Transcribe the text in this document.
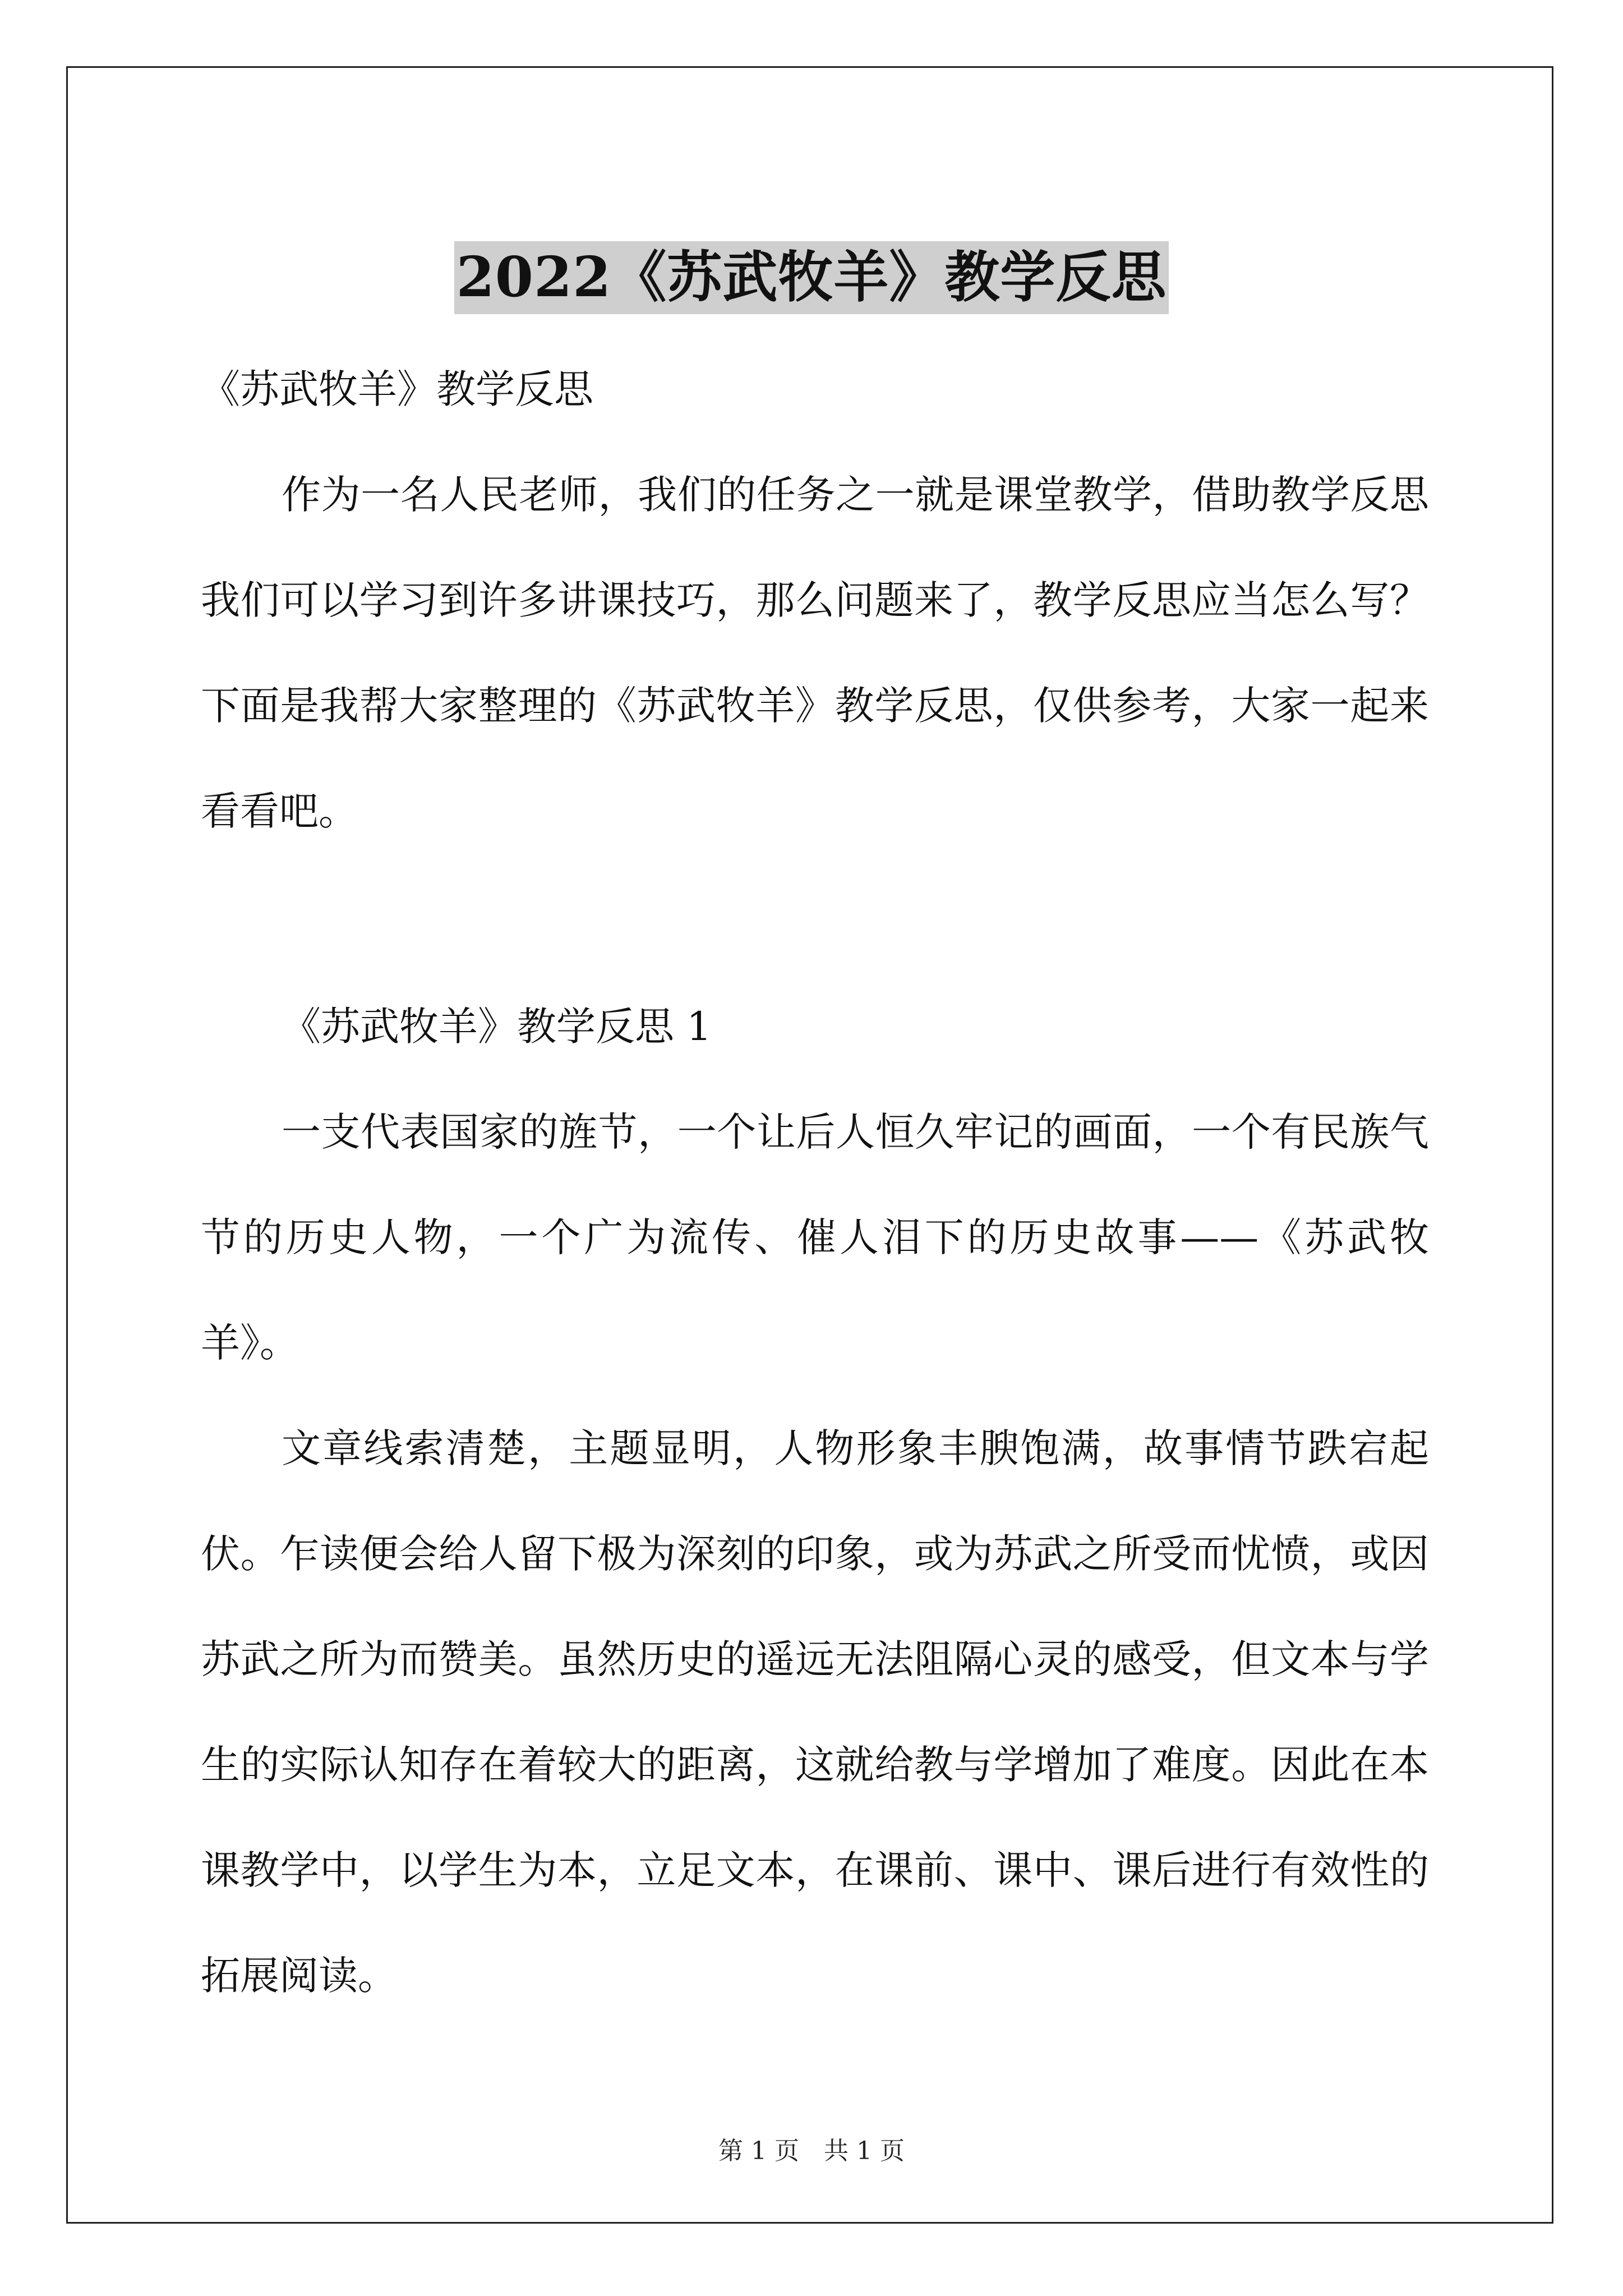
2022《苏武牧羊》教学反思

《苏武牧羊》教学反思

作为一名人民老师，我们的任务之一就是课堂教学，借助教学反思我们可以学习到许多讲课技巧，那么问题来了，教学反思应当怎么写？下面是我帮大家整理的《苏武牧羊》教学反思，仅供参考，大家一起来看看吧。

《苏武牧羊》教学反思 1

一支代表国家的旌节，一个让后人恒久牢记的画面，一个有民族气节的历史人物，一个广为流传、催人泪下的历史故事——《苏武牧羊》。

文章线索清楚，主题显明，人物形象丰腴饱满，故事情节跌宕起伏。乍读便会给人留下极为深刻的印象，或为苏武之所受而忧愤，或因苏武之所为而赞美。虽然历史的遥远无法阻隔心灵的感受，但文本与学生的实际认知存在着较大的距离，这就给教与学增加了难度。因此在本课教学中，以学生为本，立足文本，在课前、课中、课后进行有效性的拓展阅读。

第 1 页 共 1 页
